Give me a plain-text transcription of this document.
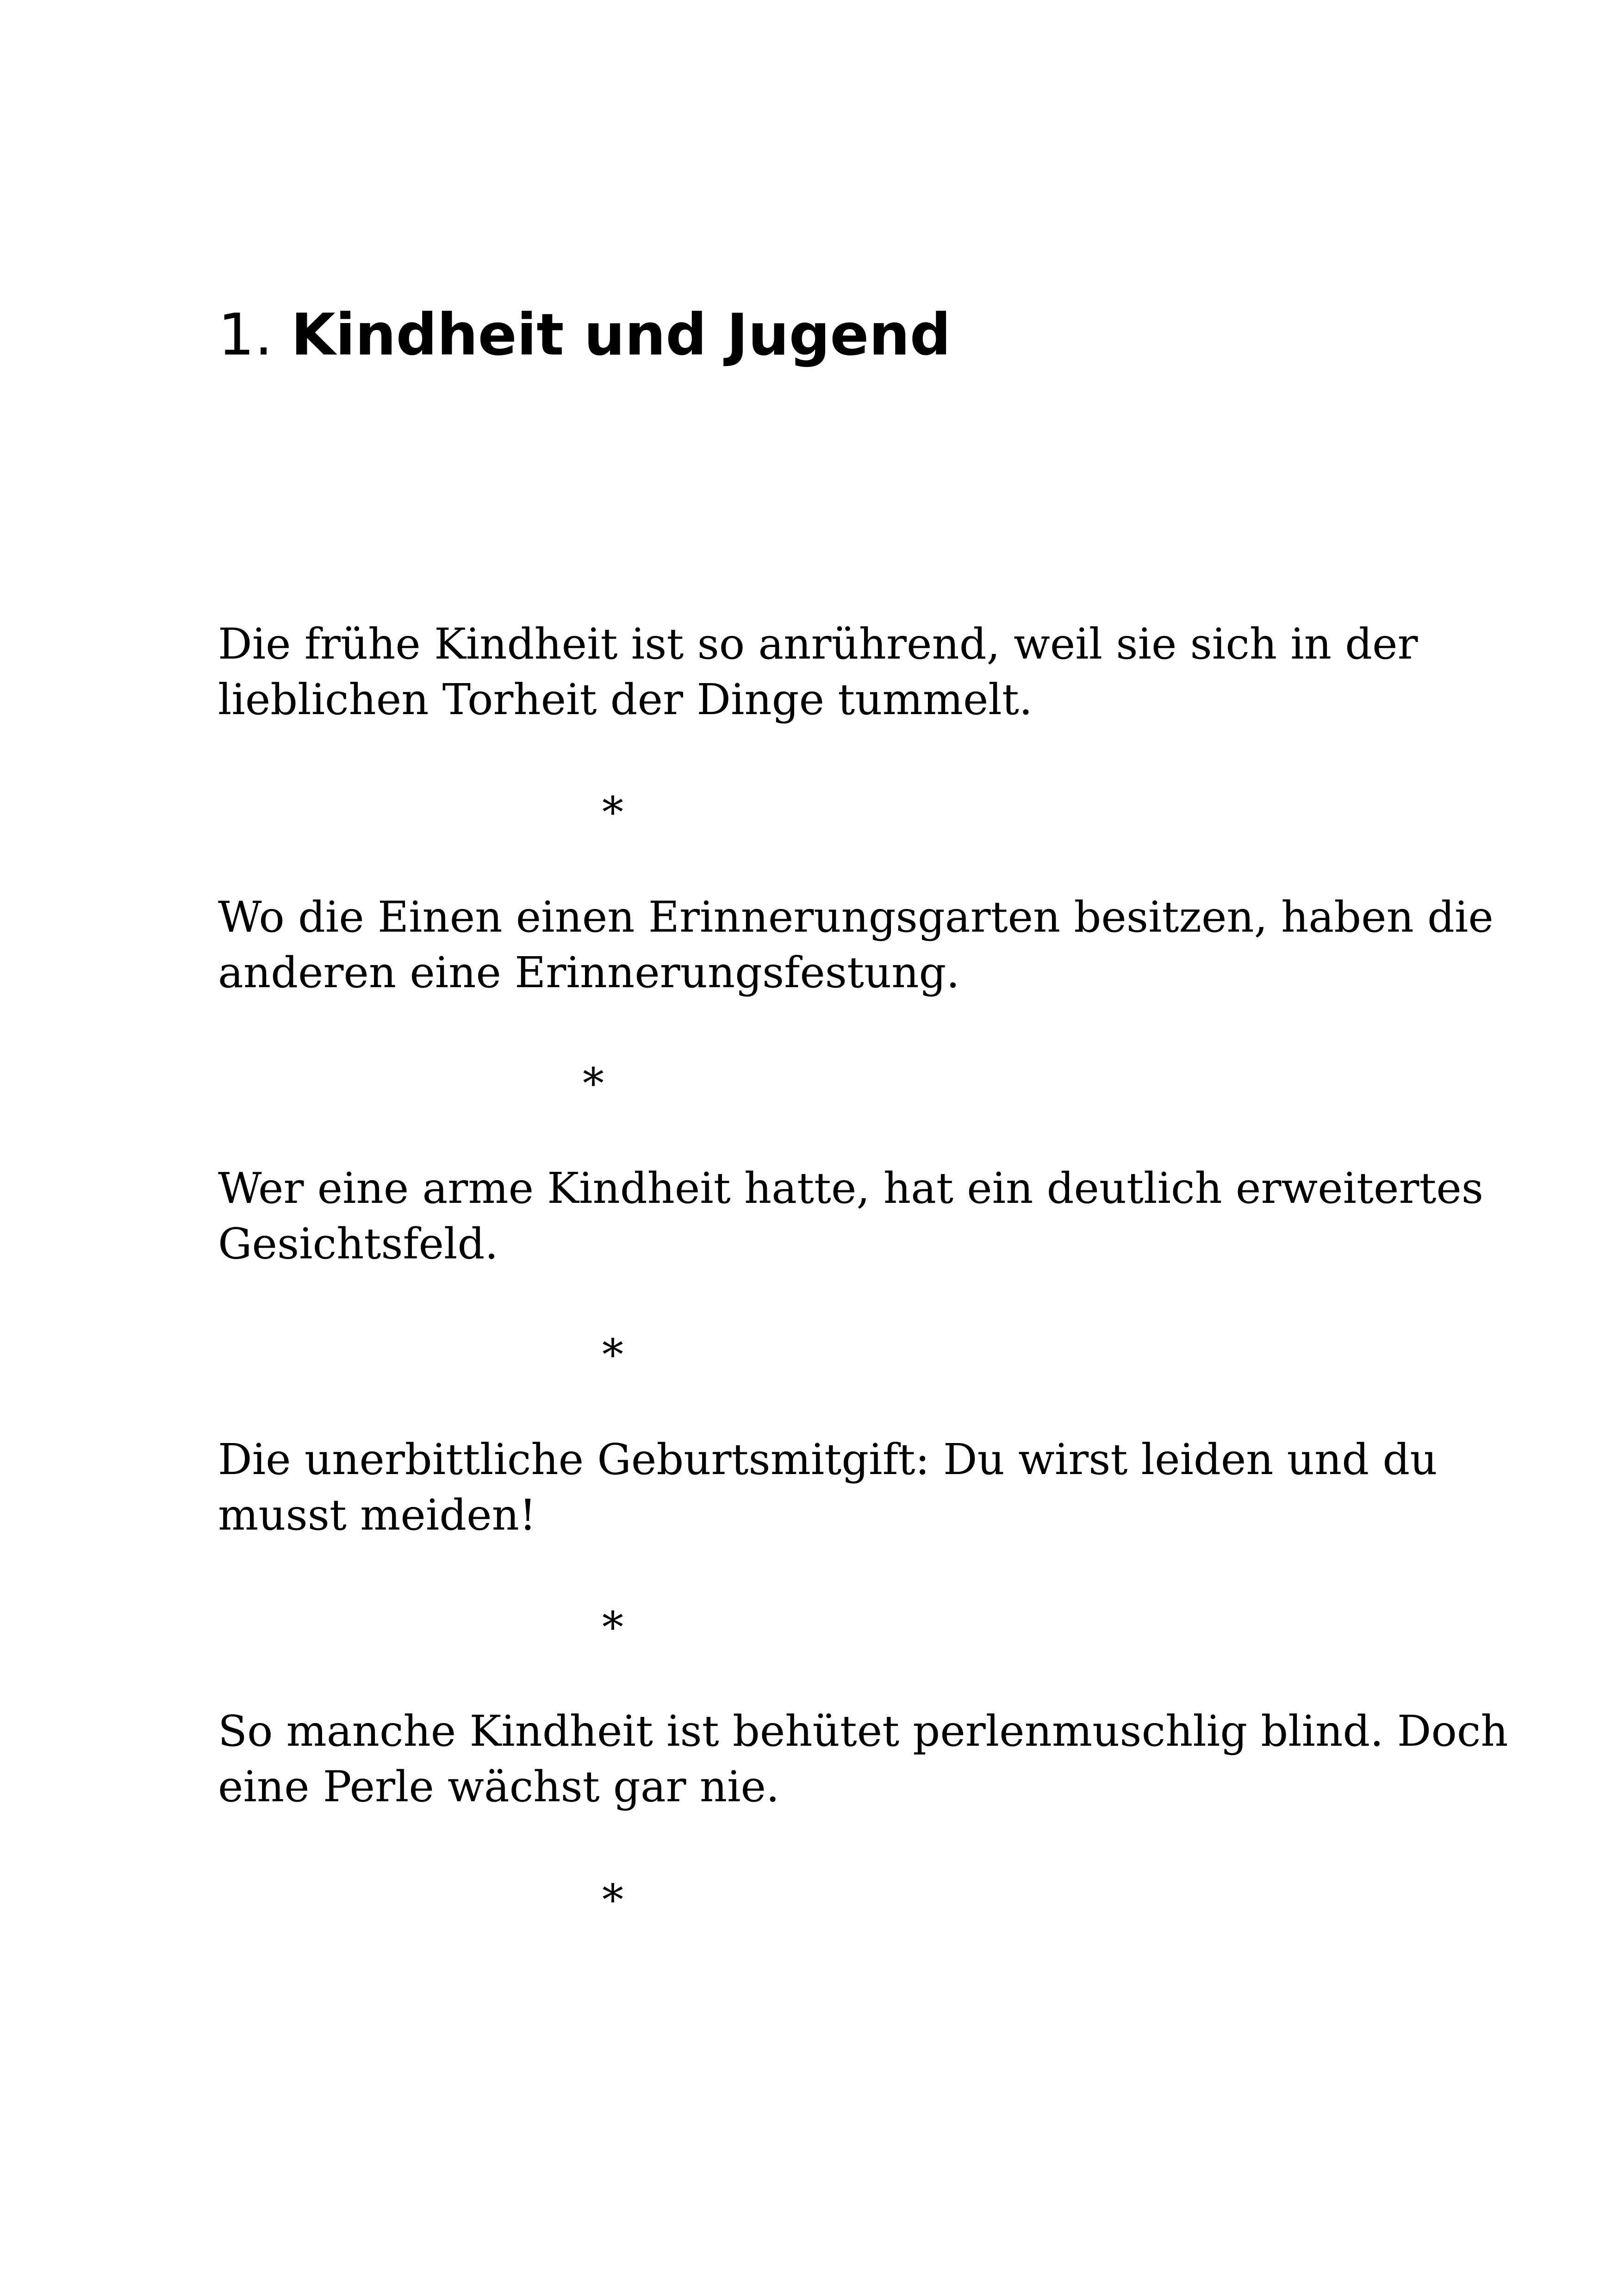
1. Kindheit und Jugend

Die frühe Kindheit ist so anrührend, weil sie sich in der
lieblichen Torheit der Dinge tummelt.

*

Wo die Einen einen Erinnerungsgarten besitzen, haben die
anderen eine Erinnerungsfestung.

*

Wer eine arme Kindheit hatte, hat ein deutlich erweitertes
Gesichtsfeld.

*

Die unerbittliche Geburtsmitgift: Du wirst leiden und du
musst meiden!

*

So manche Kindheit ist behütet perlenmuschlig blind. Doch
eine Perle wächst gar nie.

*
